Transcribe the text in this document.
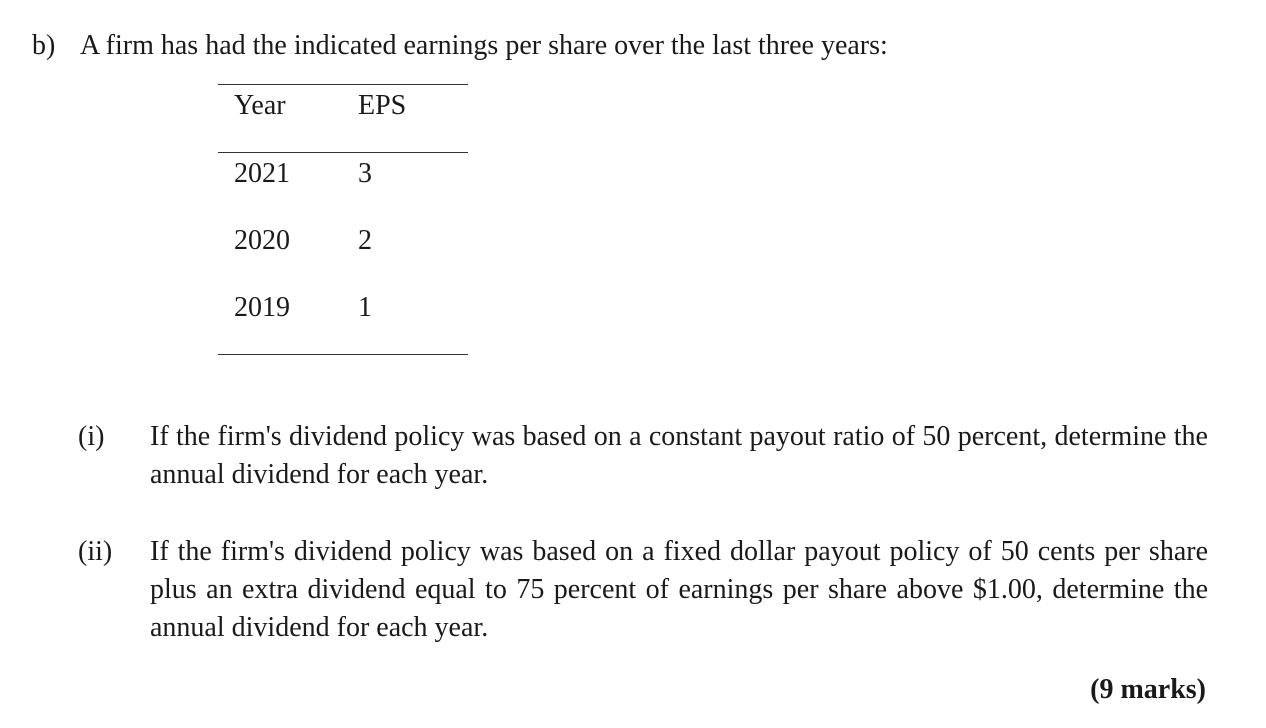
b) A firm has had the indicated earnings per share over the last three years:
Year	EPS
2021 3
2020 2
2019 1
(i) If the firm's dividend policy was based on a constant payout ratio of 50 percent, determine the annual dividend for each year.
(ii) If the firm's dividend policy was based on a fixed dollar payout policy of 50 cents per share plus an extra dividend equal to 75 percent of earnings per share above $1.00, determine the annual dividend for each year.
(9 marks)
